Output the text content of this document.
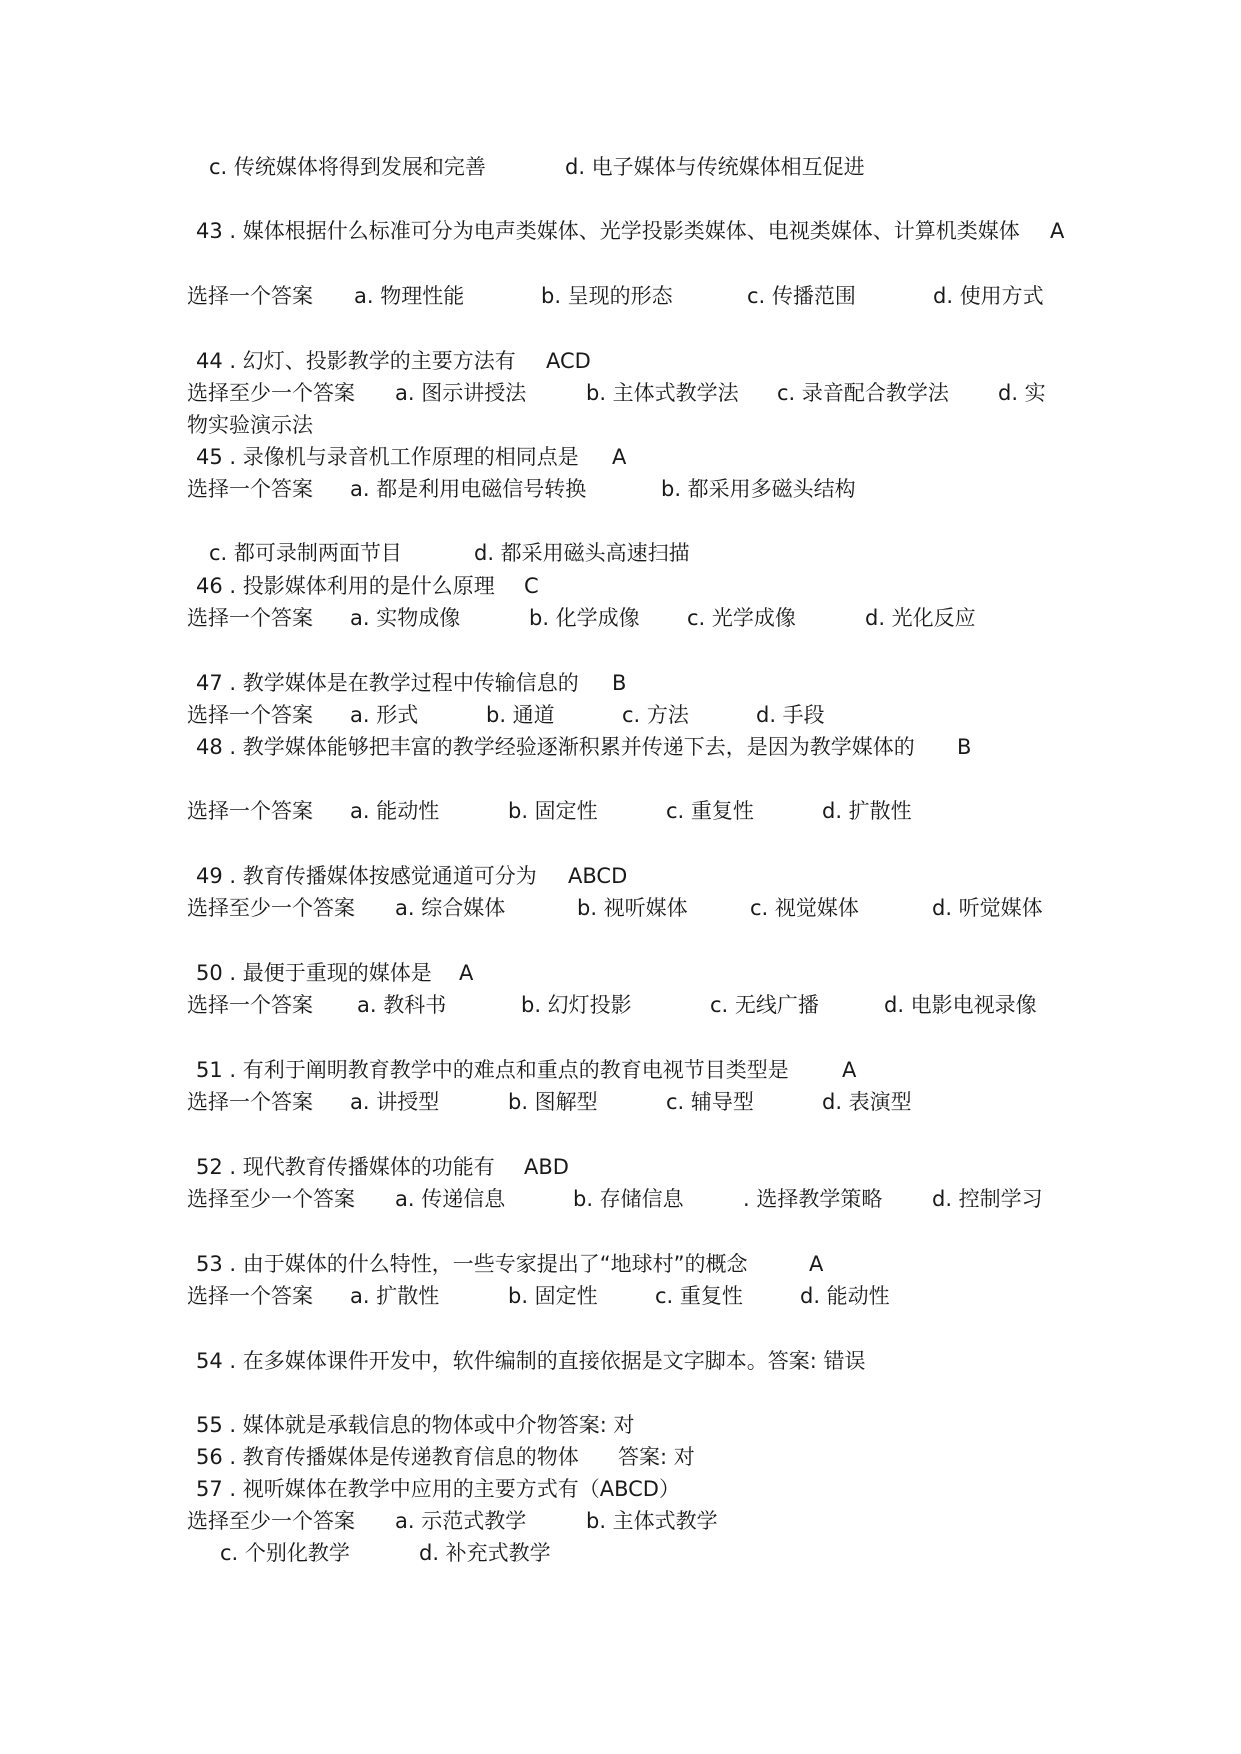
c. 传统媒体将得到发展和完善	d. 电子媒体与传统媒体相互促进
43 . 媒体根据什么标准可分为电声类媒体、光学投影类媒体、电视类媒体、计算机类媒体 A
选择一个答案 a. 物理性能	b. 呈现的形态	c. 传播范围	d. 使用方式
44 . 幻灯、投影教学的主要方法有 ACD
选择至少一个答案 a. 图示讲授法	b. 主体式教学法 c. 录音配合教学法 d. 实
物实验演示法
45 . 录像机与录音机工作原理的相同点是 A
选择一个答案 a. 都是利用电磁信号转换	b. 都采用多磁头结构
c. 都可录制两面节目	d. 都采用磁头高速扫描
46 . 投影媒体利用的是什么原理 C
选择一个答案 a. 实物成像	b. 化学成像 c. 光学成像	d. 光化反应
47 . 教学媒体是在教学过程中传输信息的 B
选择一个答案 a. 形式	b. 通道	c. 方法	d. 手段
48 . 教学媒体能够把丰富的教学经验逐渐积累并传递下去，是因为教学媒体的 B
选择一个答案 a. 能动性	b. 固定性	c. 重复性	d. 扩散性
49 . 教育传播媒体按感觉通道可分为 ABCD
选择至少一个答案 a. 综合媒体	b. 视听媒体	c. 视觉媒体	d. 听觉媒体
50 . 最便于重现的媒体是 A
选择一个答案 a. 教科书	b. 幻灯投影	c. 无线广播	d. 电影电视录像
51 . 有利于阐明教育教学中的难点和重点的教育电视节目类型是	A
选择一个答案 a. 讲授型	b. 图解型	c. 辅导型	d. 表演型
52 . 现代教育传播媒体的功能有 ABD
选择至少一个答案 a. 传递信息	b. 存储信息	. 选择教学策略 d. 控制学习
53 . 由于媒体的什么特性，一些专家提出了“地球村”的概念	A
选择一个答案 a. 扩散性	b. 固定性	c. 重复性	d. 能动性
54 . 在多媒体课件开发中，软件编制的直接依据是文字脚本。答案: 错误
55 . 媒体就是承载信息的物体或中介物答案: 对
56 . 教育传播媒体是传递教育信息的物体 答案: 对
57 . 视听媒体在教学中应用的主要方式有（ABCD）
选择至少一个答案 a. 示范式教学	b. 主体式教学
c. 个别化教学	d. 补充式教学
